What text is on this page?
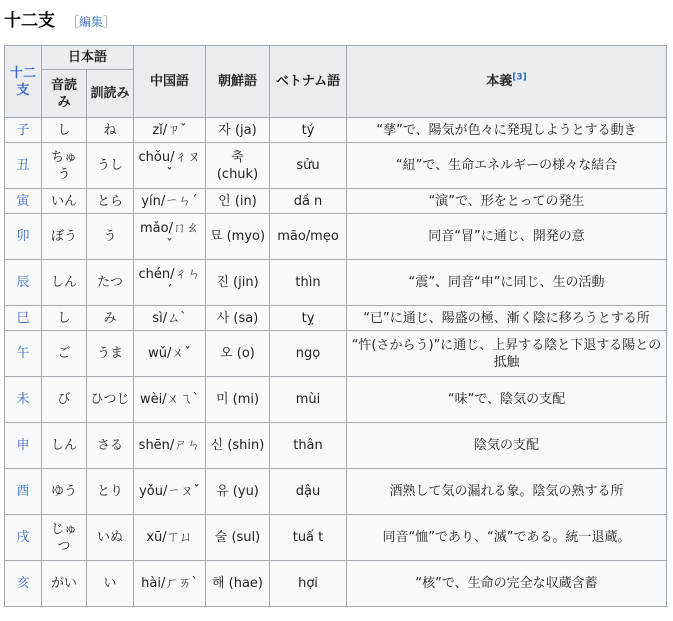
十二支 ［編集］
十二支	日本語		中国語	朝鮮語	ベトナム語	本義[3]
	音読み	訓読み				
子	し	ね	zǐ/ㄗˇ	자 (ja)	tý	“孳”で、陽気が色々に発現しようとする動き
丑	ちゅう	うし	chǒu/ㄔㄡˇ	축 (chuk)	sửu	“紐”で、生命エネルギーの様々な結合
寅	いん	とら	yín/ㄧㄣˊ	인 (in)	dầ n	“演”で、形をとっての発生
卯	ぼう	う	mǎo/ㄇㄠˇ	묘 (myo)	mão/mẹo	同音“冒”に通じ、開発の意
辰	しん	たつ	chén/ㄔㄣˊ	진 (jin)	thìn	“震”、同音“申”に同じ、生の活動
巳	し	み	sì/ㄙˋ	사 (sa)	tỵ	“已”に通じ、陽盛の極、漸く陰に移ろうとする所
午	ご	うま	wǔ/ㄨˇ	오 (o)	ngọ	“忤(さからう)”に通じ、上昇する陰と下退する陽との抵触
未	び	ひつじ	wèi/ㄨㄟˋ	미 (mi)	mùi	“味”で、陰気の支配
申	しん	さる	shēn/ㄕㄣ	신 (shin)	thân	陰気の支配
酉	ゆう	とり	yǒu/ㄧㄡˇ	유 (yu)	dậu	酒熟して気の漏れる象。陰気の熟する所
戌	じゅつ	いぬ	xū/ㄒㄩ	술 (sul)	tuấ t	同音“恤”であり、“滅”である。統一退蔵。
亥	がい	い	hài/ㄏㄞˋ	해 (hae)	hợi	“核”で、生命の完全な収蔵含蓄
